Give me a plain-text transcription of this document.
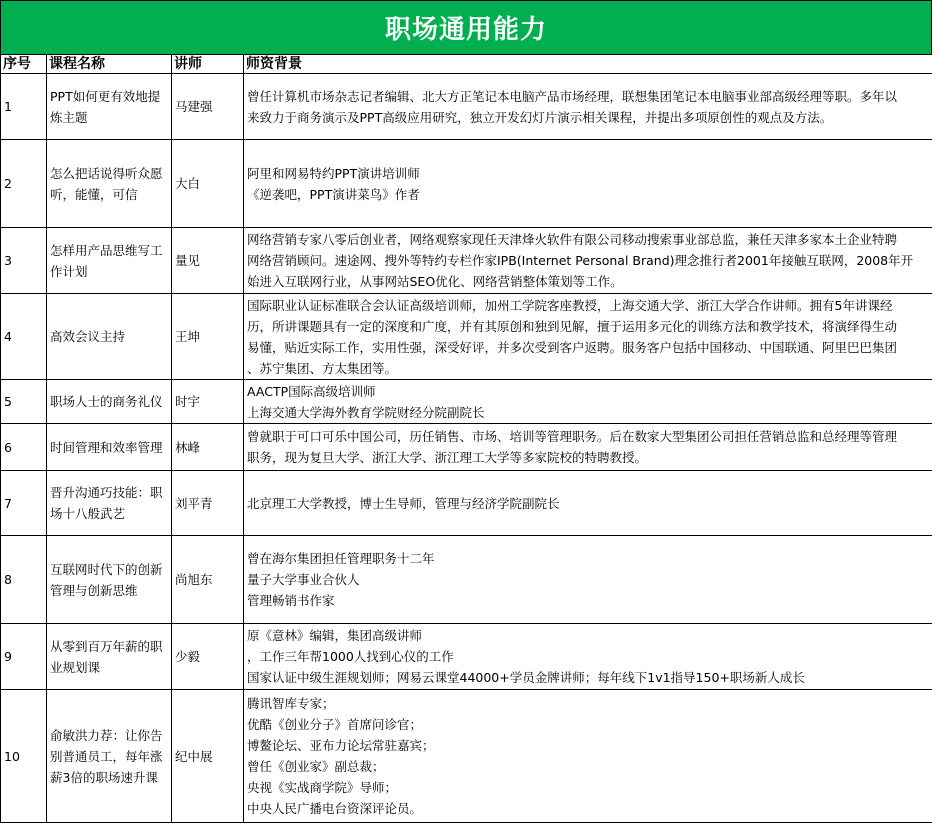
职场通用能力
序号	课程名称	讲师	师资背景
1	PPT如何更有效地提炼主题	马建强	曾任计算机市场杂志记者编辑、北大方正笔记本电脑产品市场经理，联想集团笔记本电脑事业部高级经理等职。多年以
来致力于商务演示及PPT高级应用研究，独立开发幻灯片演示相关课程，并提出多项原创性的观点及方法。

2	怎么把话说得听众愿听，能懂，可信	大白	阿里和网易特约PPT演讲培训师
《逆袭吧，PPT演讲菜鸟》作者

3	怎样用产品思维写工作计划	量见	网络营销专家八零后创业者，网络观察家现任天津烽火软件有限公司移动搜索事业部总监，兼任天津多家本土企业特聘
网络营销顾问。速途网、搜外等特约专栏作家IPB(Internet Personal Brand)理念推行者2001年接触互联网，2008年开
始进入互联网行业，从事网站SEO优化、网络营销整体策划等工作。

4	高效会议主持	王坤	国际职业认证标准联合会认证高级培训师，加州工学院客座教授，上海交通大学、浙江大学合作讲师。拥有5年讲课经
历，所讲课题具有一定的深度和广度，并有其原创和独到见解，擅于运用多元化的训练方法和教学技术，将演绎得生动
易懂，贴近实际工作，实用性强，深受好评，并多次受到客户返聘。服务客户包括中国移动、中国联通、阿里巴巴集团
、苏宁集团、方太集团等。

5	职场人士的商务礼仪	时宇	AACTP国际高级培训师
上海交通大学海外教育学院财经分院副院长

6	时间管理和效率管理	林峰	曾就职于可口可乐中国公司，历任销售、市场、培训等管理职务。后在数家大型集团公司担任营销总监和总经理等管理
职务，现为复旦大学、浙江大学、浙江理工大学等多家院校的特聘教授。

7	晋升沟通巧技能：职场十八般武艺	刘平青	北京理工大学教授，博士生导师，管理与经济学院副院长

8	互联网时代下的创新管理与创新思维	尚旭东	曾在海尔集团担任管理职务十二年
量子大学事业合伙人
管理畅销书作家

9	从零到百万年薪的职业规划课	少毅	原《意林》编辑，集团高级讲师
，工作三年帮1000人找到心仪的工作
国家认证中级生涯规划师；网易云课堂44000+学员金牌讲师；每年线下1v1指导150+职场新人成长

10	俞敏洪力荐：让你告别普通员工，每年涨薪3倍的职场速升课	纪中展	
腾讯智库专家；
优酷《创业分子》首席问诊官；
博鳌论坛、亚布力论坛常驻嘉宾；
曾任《创业家》副总裁；
央视《实战商学院》导师；
中央人民广播电台资深评论员。
